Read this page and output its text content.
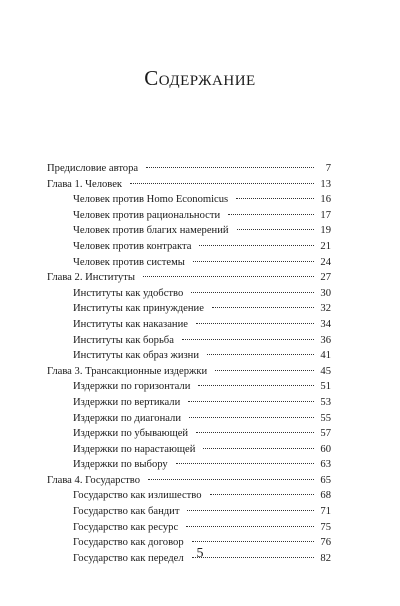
Содержание
Предисловие автора	7
Глава 1. Человек	13
Человек против Homo Economicus	16
Человек против рациональности	17
Человек против благих намерений	19
Человек против контракта	21
Человек против системы	24
Глава 2. Институты	27
Институты как удобство	30
Институты как принуждение	32
Институты как наказание	34
Институты как борьба	36
Институты как образ жизни	41
Глава 3. Трансакционные издержки	45
Издержки по горизонтали	51
Издержки по вертикали	53
Издержки по диагонали	55
Издержки по убывающей	57
Издержки по нарастающей	60
Издержки по выбору	63
Глава 4. Государство	65
Государство как излишество	68
Государство как бандит	71
Государство как ресурс	75
Государство как договор	76
Государство как передел	82
5
